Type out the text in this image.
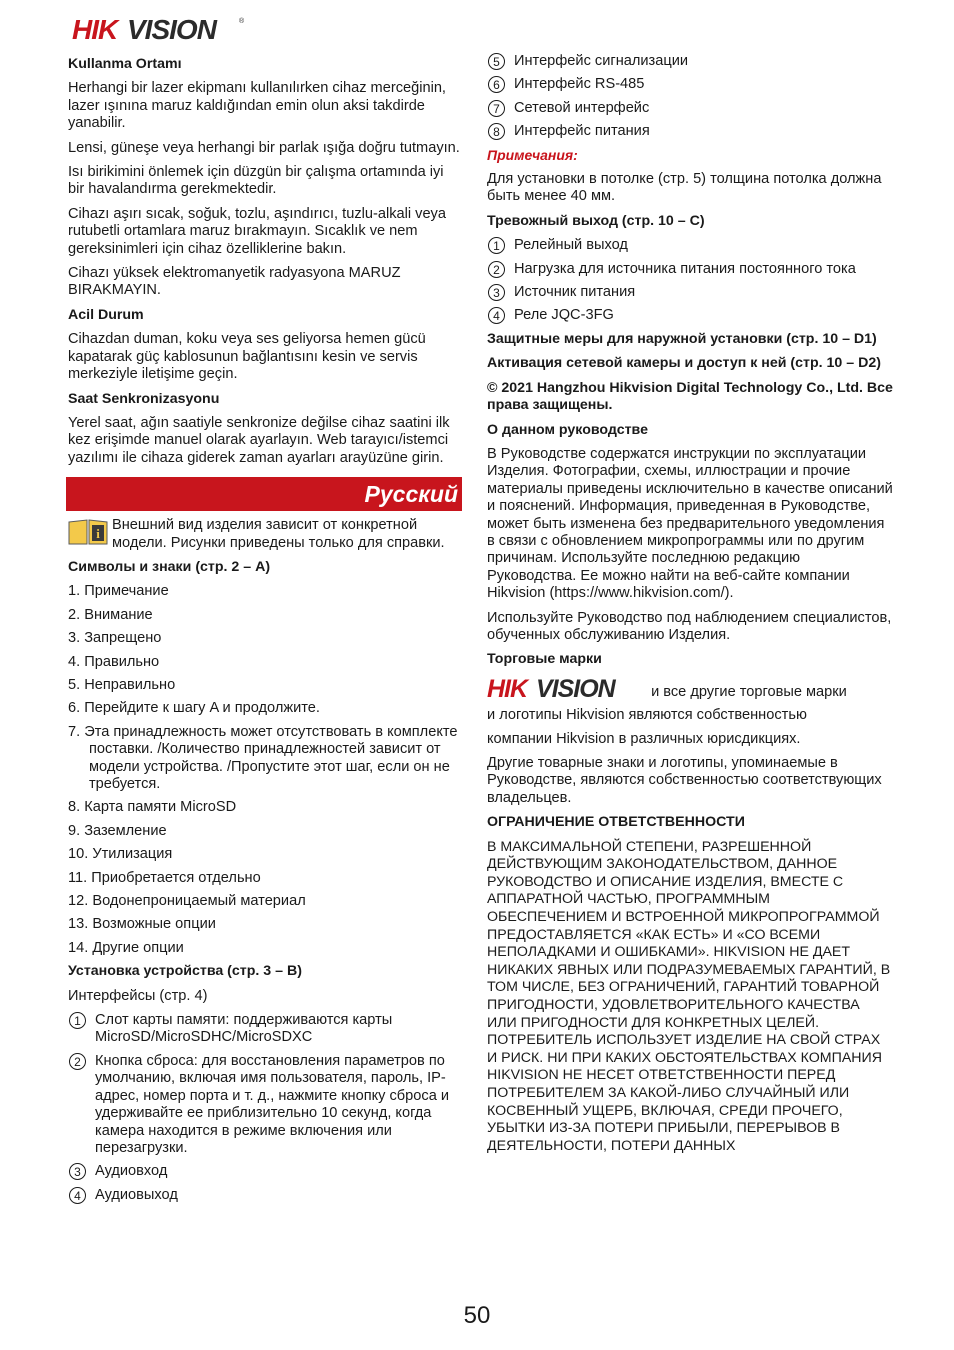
HIK VISION	®
Kullanma Ortamı
Herhangi bir lazer ekipmanı kullanılırken cihaz merceğinin, lazer ışınına maruz kaldığından emin olun aksi takdirde yanabilir.
Lensi, güneşe veya herhangi bir parlak ışığa doğru tutmayın.
Isı birikimini önlemek için düzgün bir çalışma ortamında iyi bir havalandırma gerekmektedir.
Cihazı aşırı sıcak, soğuk, tozlu, aşındırıcı, tuzlu-alkali veya rutubetli ortamlara maruz bırakmayın. Sıcaklık ve nem gereksinimleri için cihaz özelliklerine bakın.
Cihazı yüksek elektromanyetik radyasyona MARUZ BIRAKMAYIN.
Acil Durum
Cihazdan duman, koku veya ses geliyorsa hemen gücü kapatarak güç kablosunun bağlantısını kesin ve servis merkeziyle iletişime geçin.
Saat Senkronizasyonu
Yerel saat, ağın saatiyle senkronize değilse cihaz saatini ilk kez erişimde manuel olarak ayarlayın. Web tarayıcı/istemci yazılımı ile cihaza giderek zaman ayarları arayüzüne girin.
Русский
i
Внешний вид изделия зависит от конкретной модели. Рисунки приведены только для справки.
Символы и знаки (стр. 2 – A)
1. Примечание
2. Внимание
3. Запрещено
4. Правильно
5. Неправильно
6. Перейдите к шагу A и продолжите.
7. Эта принадлежность может отсутствовать в комплекте поставки. /Количество принадлежностей зависит от модели устройства. /Пропустите этот шаг, если он не требуется.
8. Карта памяти MicroSD
9. Заземление
10. Утилизация
11. Приобретается отдельно
12. Водонепроницаемый материал
13. Возможные опции
14. Другие опции
Установка устройства (стр. 3 – B)
Интерфейсы (стр. 4)
1 Слот карты памяти: поддерживаются карты MicroSD/MicroSDHC/MicroSDXC
2 Кнопка сброса: для восстановления параметров по умолчанию, включая имя пользователя, пароль, IP-адрес, номер порта и т. д., нажмите кнопку сброса и удерживайте ее приблизительно 10 секунд, когда камера находится в режиме включения или перезагрузки.
3 Аудиовход
4 Аудиовыход
5 Интерфейс сигнализации
6 Интерфейс RS-485
7 Сетевой интерфейс
8 Интерфейс питания
Примечания:
Для установки в потолке (стр. 5) толщина потолка должна быть менее 40 мм.
Тревожный выход (стр. 10 – C)
1 Релейный выход
2 Нагрузка для источника питания постоянного тока
3 Источник питания
4 Реле JQC-3FG
Защитные меры для наружной установки (стр. 10 – D1)
Активация сетевой камеры и доступ к ней (стр. 10 – D2)
© 2021 Hangzhou Hikvision Digital Technology Co., Ltd. Все права защищены.
О данном руководстве
В Руководстве содержатся инструкции по эксплуатации Изделия. Фотографии, схемы, иллюстрации и прочие материалы приведены исключительно в качестве описаний и пояснений. Информация, приведенная в Руководстве, может быть изменена без предварительного уведомления в связи с обновлением микропрограммы или по другим причинам. Используйте последнюю редакцию Руководства. Ее можно найти на веб-сайте компании Hikvision (https://www.hikvision.com/).
Используйте Руководство под наблюдением специалистов, обученных обслуживанию Изделия.
Торговые марки
HIK VISION и все другие торговые марки
и логотипы Hikvision являются собственностью
компании Hikvision в различных юрисдикциях.
Другие товарные знаки и логотипы, упоминаемые в Руководстве, являются собственностью соответствующих владельцев.
ОГРАНИЧЕНИЕ ОТВЕТСТВЕННОСТИ
В МАКСИМАЛЬНОЙ СТЕПЕНИ, РАЗРЕШЕННОЙ ДЕЙСТВУЮЩИМ ЗАКОНОДАТЕЛЬСТВОМ, ДАННОЕ РУКОВОДСТВО И ОПИСАНИЕ ИЗДЕЛИЯ, ВМЕСТЕ С АППАРАТНОЙ ЧАСТЬЮ, ПРОГРАММНЫМ ОБЕСПЕЧЕНИЕМ И ВСТРОЕННОЙ МИКРОПРОГРАММОЙ ПРЕДОСТАВЛЯЕТСЯ «КАК ЕСТЬ» И «СО ВСЕМИ НЕПОЛАДКАМИ И ОШИБКАМИ». HIKVISION НЕ ДАЕТ НИКАКИХ ЯВНЫХ ИЛИ ПОДРАЗУМЕВАЕМЫХ ГАРАНТИЙ, В ТОМ ЧИСЛЕ, БЕЗ ОГРАНИЧЕНИЙ, ГАРАНТИЙ ТОВАРНОЙ ПРИГОДНОСТИ, УДОВЛЕТВОРИТЕЛЬНОГО КАЧЕСТВА ИЛИ ПРИГОДНОСТИ ДЛЯ КОНКРЕТНЫХ ЦЕЛЕЙ. ПОТРЕБИТЕЛЬ ИСПОЛЬЗУЕТ ИЗДЕЛИЕ НА СВОЙ СТРАХ И РИСК. НИ ПРИ КАКИХ ОБСТОЯТЕЛЬСТВАХ КОМПАНИЯ HIKVISION НЕ НЕСЕТ ОТВЕТСТВЕННОСТИ ПЕРЕД ПОТРЕБИТЕЛЕМ ЗА КАКОЙ-ЛИБО СЛУЧАЙНЫЙ ИЛИ КОСВЕННЫЙ УЩЕРБ, ВКЛЮЧАЯ, СРЕДИ ПРОЧЕГО, УБЫТКИ ИЗ-ЗА ПОТЕРИ ПРИБЫЛИ, ПЕРЕРЫВОВ В ДЕЯТЕЛЬНОСТИ, ПОТЕРИ ДАННЫХ
50
